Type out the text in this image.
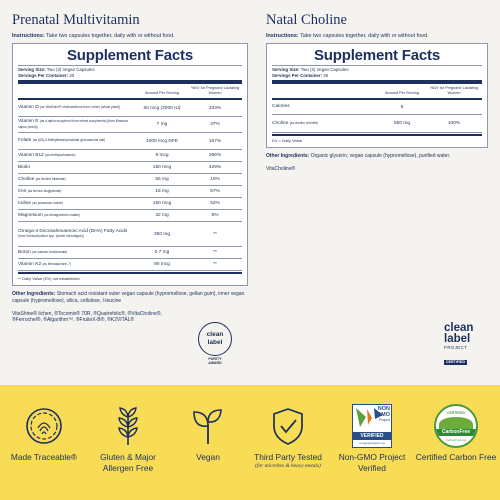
Prenatal Multivitamin
Instructions: Take two capsules together, daily with or without food.
Supplement Facts
Serving Size: Two (2) Vegan Capsules
Servings Per Container: 30
Amount Per Serving
%DV for Pregnant/ Lactating Women
Vitamin D (as VitaShine® cholecalciferol from Lichen (whole plant))	50 mcg (2000 IU)	333%
Vitamin E (as d-alpha tocopherol from mixed tocopherols) (from Brassica napus (seed))	7 mg	37%
Folate (as (6S)-5-Methyltetrahydrofolate glucosamine salt)	1000 mcg DFE	167%
Vitamin B12 (as methylcobalamin)	8 mcg	286%
Biotin	150 mcg	429%
Choline (as choline bitartrate)	55 mg	10%
Iron (as ferrous bisglycinate)	15 mg	57%
Iodine (as potassium iodide)	150 mcg	52%
Magnesium (as dimagnesium malate)	32 mg	8%
Omega-3 Docosahexaenoic Acid (DHA) Fatty Acids (from Schizochytrium spp. (whole microalgae))	350 mg	**
Boron (as calcium fructoborate)	0.7 mg	**
Vitamin K2 (as Menaquinone-7)	90 mcg	**
** Daily Value (DV) not established.
Other Ingredients: Stomach acid resistant outer vegan capsule (hypromellose, gellan gum), inner vegan capsule (hypromellose), silica, cellulose, l-leucine
VitaShine® lichen, ®Tocomix® 70R, ®Quatrefolic®, ®VitaCholine®, ®Ferrochel®, ®Algarithm™, ®FruiteX-B®, ®K2VITAL®
Natal Choline
Instructions: Take two capsules together, daily with or without food.
Supplement Facts
Serving Size: Two (2) Vegan Capsules
Servings Per Container: 30
Amount Per Serving
%DV for Pregnant/ Lactating Women
Calories	5
Choline (as choline chloride)	550 mg	100%
DV = Daily Value
Other Ingredients: Organic glycerin, vegan capsule (hypromellose), purified water.
VitaCholine®
clean
label
PURITY
AWARD
clean
label
PROJECT
CERTIFIED
Made Traceable®	Gluten & Major Allergen Free
Vegan	Third Party Tested
(for microbes & heavy metals)
NON
GMO
Project
VERIFIED
nongmoproject.org
Non-GMO Project Verified
CERTIFIED
CarbonFree
CarbonFund.org
Certified Carbon Free
